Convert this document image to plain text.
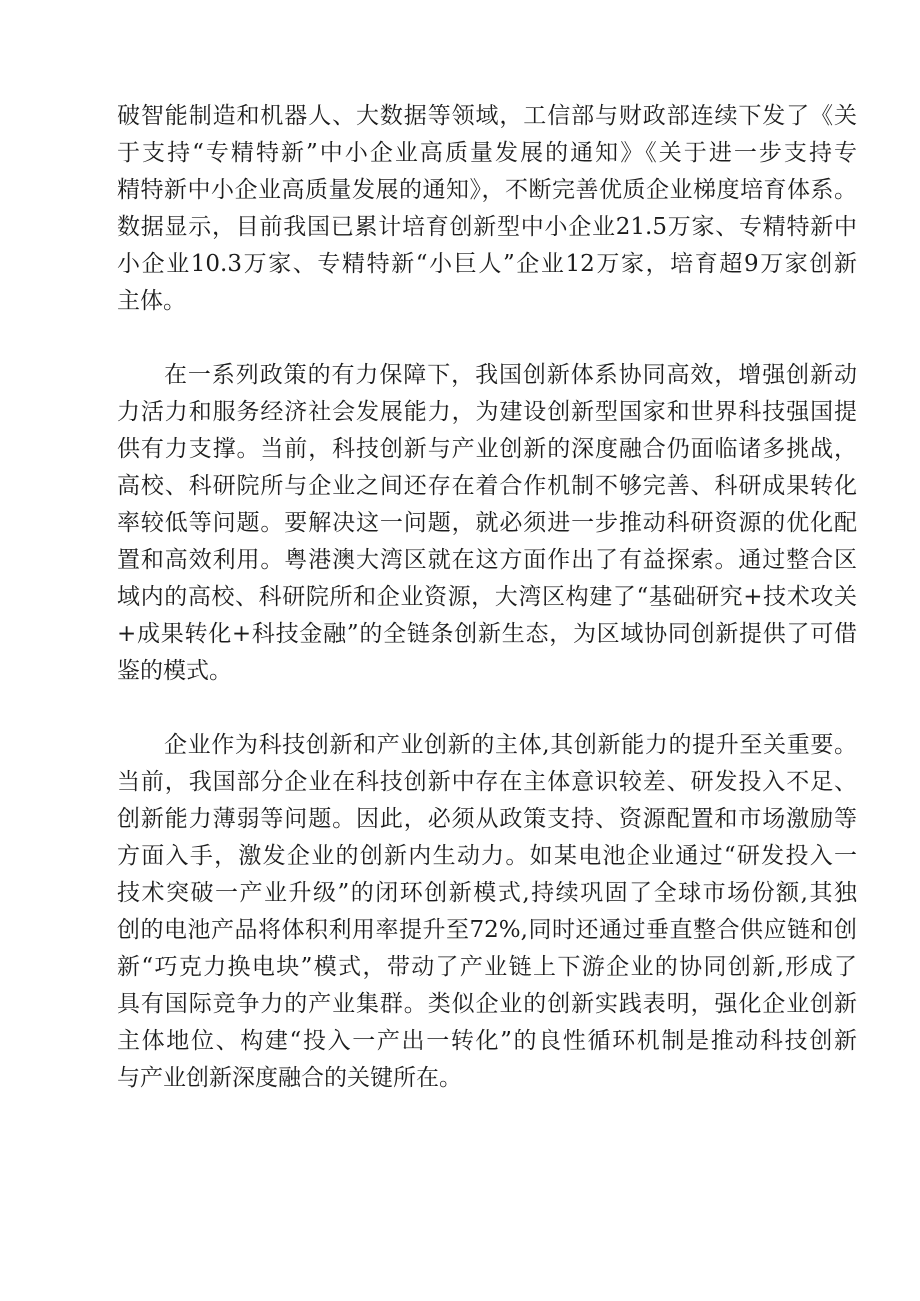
破智能制造和机器人、大数据等领域，工信部与财政部连续下发了《关

于支持“专精特新”中小企业高质量发展的通知》《关于进一步支持专

精特新中小企业高质量发展的通知》，不断完善优质企业梯度培育体系。

数据显示，目前我国已累计培育创新型中小企业21.5万家、专精特新中

小企业10.3万家、专精特新“小巨人”企业12万家，培育超9万家创新

主体。

在一系列政策的有力保障下，我国创新体系协同高效，增强创新动

力活力和服务经济社会发展能力，为建设创新型国家和世界科技强国提

供有力支撑。当前，科技创新与产业创新的深度融合仍面临诸多挑战，

高校、科研院所与企业之间还存在着合作机制不够完善、科研成果转化

率较低等问题。要解决这一问题，就必须进一步推动科研资源的优化配

置和高效利用。粤港澳大湾区就在这方面作出了有益探索。通过整合区

域内的高校、科研院所和企业资源，大湾区构建了“基础研究+技术攻关

+成果转化+科技金融”的全链条创新生态，为区域协同创新提供了可借

鉴的模式。

企业作为科技创新和产业创新的主体,其创新能力的提升至关重要。

当前，我国部分企业在科技创新中存在主体意识较差、研发投入不足、

创新能力薄弱等问题。因此，必须从政策支持、资源配置和市场激励等

方面入手，激发企业的创新内生动力。如某电池企业通过“研发投入一

技术突破一产业升级”的闭环创新模式,持续巩固了全球市场份额,其独

创的电池产品将体积利用率提升至72%,同时还通过垂直整合供应链和创

新“巧克力换电块”模式，带动了产业链上下游企业的协同创新,形成了

具有国际竞争力的产业集群。类似企业的创新实践表明，强化企业创新

主体地位、构建“投入一产出一转化”的良性循环机制是推动科技创新

与产业创新深度融合的关键所在。
